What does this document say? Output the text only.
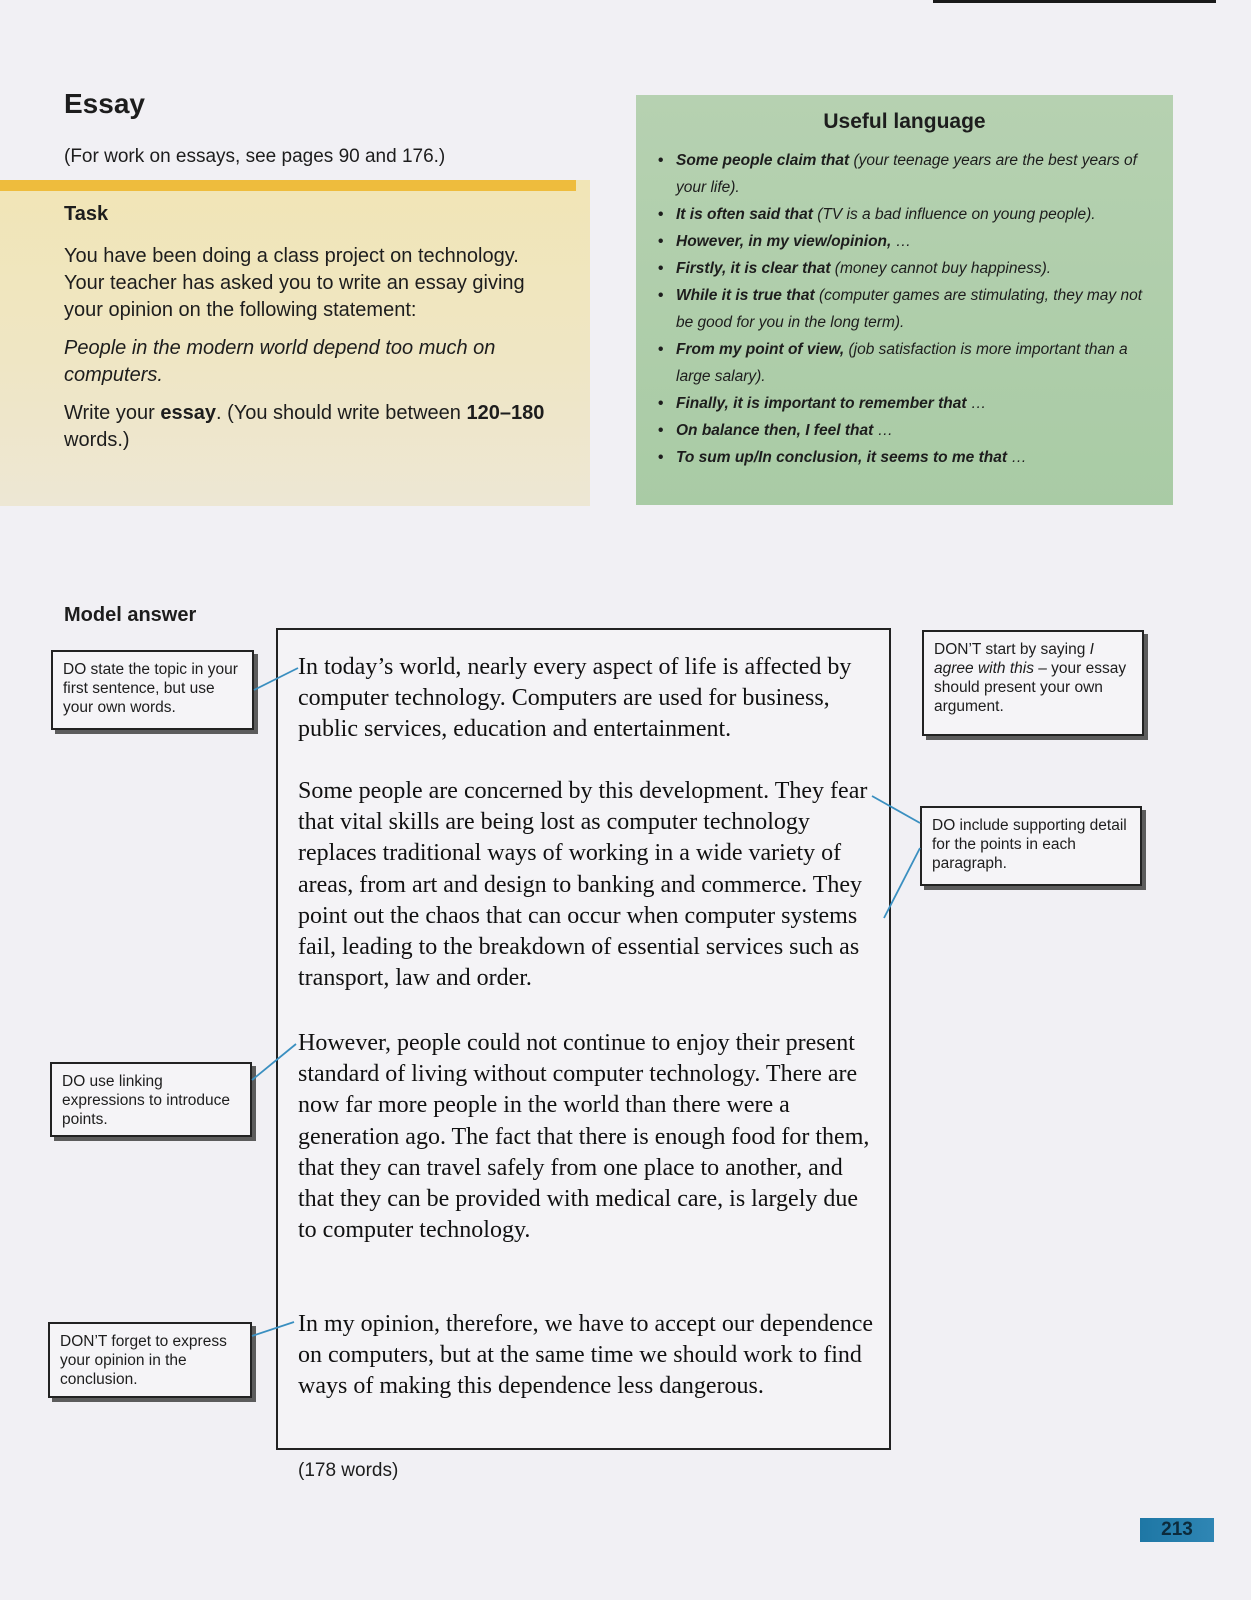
Essay
(For work on essays, see pages 90 and 176.)
Task

You have been doing a class project on technology. Your teacher has asked you to write an essay giving your opinion on the following statement:

People in the modern world depend too much on computers.

Write your essay. (You should write between 120–180 words.)

Useful language
• Some people claim that (your teenage years are the best years of your life).
• It is often said that (TV is a bad influence on young people).
• However, in my view/opinion, …
• Firstly, it is clear that (money cannot buy happiness).
• While it is true that (computer games are stimulating, they may not be good for you in the long term).
• From my point of view, (job satisfaction is more important than a large salary).
• Finally, it is important to remember that …
• On balance then, I feel that …
• To sum up/In conclusion, it seems to me that …
Model answer
In today’s world, nearly every aspect of life is affected by computer technology. Computers are used for business, public services, education and entertainment.
Some people are concerned by this development. They fear that vital skills are being lost as computer technology replaces traditional ways of working in a wide variety of areas, from art and design to banking and commerce. They point out the chaos that can occur when computer systems fail, leading to the breakdown of essential services such as transport, law and order.
However, people could not continue to enjoy their present standard of living without computer technology. There are now far more people in the world than there were a generation ago. The fact that there is enough food for them, that they can travel safely from one place to another, and that they can be provided with medical care, is largely due to computer technology.
In my opinion, therefore, we have to accept our dependence on computers, but at the same time we should work to find ways of making this dependence less dangerous.
DO state the topic in your first sentence, but use your own words.
DON’T start by saying I agree with this – your essay should present your own argument.
DO include supporting detail for the points in each paragraph.
DO use linking expressions to introduce points.
DON’T forget to express your opinion in the conclusion.
(178 words)
213
